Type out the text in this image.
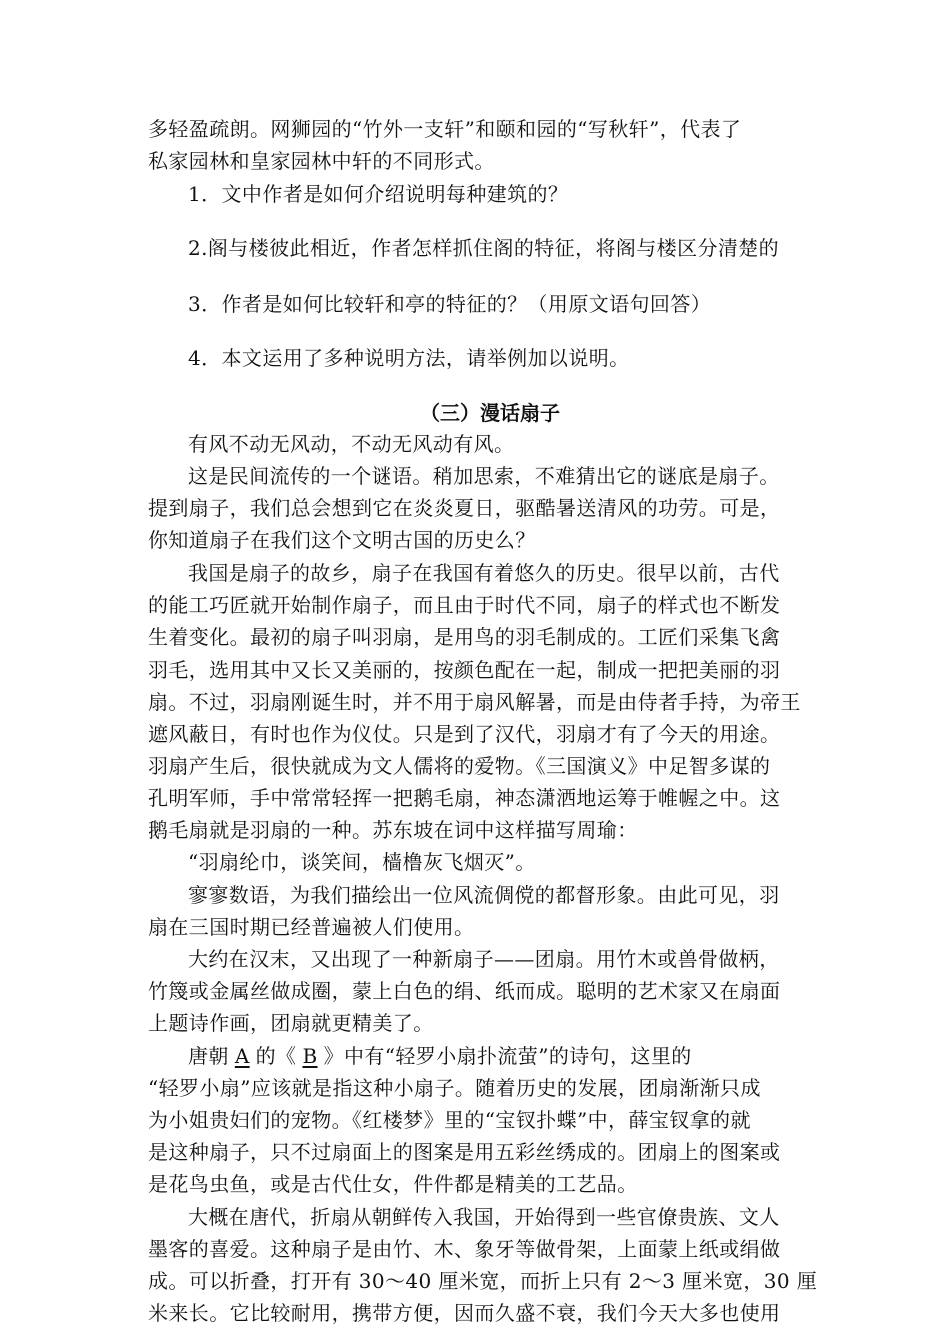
多轻盈疏朗。网狮园的“竹外一支轩”和颐和园的“写秋轩”，代表了
私家园林和皇家园林中轩的不同形式。
1．文中作者是如何介绍说明每种建筑的？
2.阁与楼彼此相近，作者怎样抓住阁的特征，将阁与楼区分清楚的
3．作者是如何比较轩和亭的特征的？（用原文语句回答）
4．本文运用了多种说明方法，请举例加以说明。
（三）漫话扇子
有风不动无风动，不动无风动有风。
这是民间流传的一个谜语。稍加思索，不难猜出它的谜底是扇子。
提到扇子，我们总会想到它在炎炎夏日，驱酷暑送清风的功劳。可是，
你知道扇子在我们这个文明古国的历史么？
我国是扇子的故乡，扇子在我国有着悠久的历史。很早以前，古代
的能工巧匠就开始制作扇子，而且由于时代不同，扇子的样式也不断发
生着变化。最初的扇子叫羽扇，是用鸟的羽毛制成的。工匠们采集飞禽
羽毛，选用其中又长又美丽的，按颜色配在一起，制成一把把美丽的羽
扇。不过，羽扇刚诞生时，并不用于扇风解暑，而是由侍者手持，为帝王
遮风蔽日，有时也作为仪仗。只是到了汉代，羽扇才有了今天的用途。
羽扇产生后，很快就成为文人儒将的爱物。《三国演义》中足智多谋的
孔明军师，手中常常轻挥一把鹅毛扇，神态潇洒地运筹于帷幄之中。这
鹅毛扇就是羽扇的一种。苏东坡在词中这样描写周瑜：
“羽扇纶巾，谈笑间，樯橹灰飞烟灭”。
寥寥数语，为我们描绘出一位风流倜傥的都督形象。由此可见，羽
扇在三国时期已经普遍被人们使用。
大约在汉末，又出现了一种新扇子——团扇。用竹木或兽骨做柄，
竹篾或金属丝做成圈，蒙上白色的绢、纸而成。聪明的艺术家又在扇面
上题诗作画，团扇就更精美了。
唐朝 A 的《 B 》中有“轻罗小扇扑流萤”的诗句，这里的
“轻罗小扇”应该就是指这种小扇子。随着历史的发展，团扇渐渐只成
为小姐贵妇们的宠物。《红楼梦》里的“宝钗扑蝶”中，薛宝钗拿的就
是这种扇子，只不过扇面上的图案是用五彩丝绣成的。团扇上的图案或
是花鸟虫鱼，或是古代仕女，件件都是精美的工艺品。
大概在唐代，折扇从朝鲜传入我国，开始得到一些官僚贵族、文人
墨客的喜爱。这种扇子是由竹、木、象牙等做骨架，上面蒙上纸或绢做
成。可以折叠，打开有 30～40 厘米宽，而折上只有 2～3 厘米宽，30 厘
米来长。它比较耐用，携带方便，因而久盛不衰，我们今天大多也使用
